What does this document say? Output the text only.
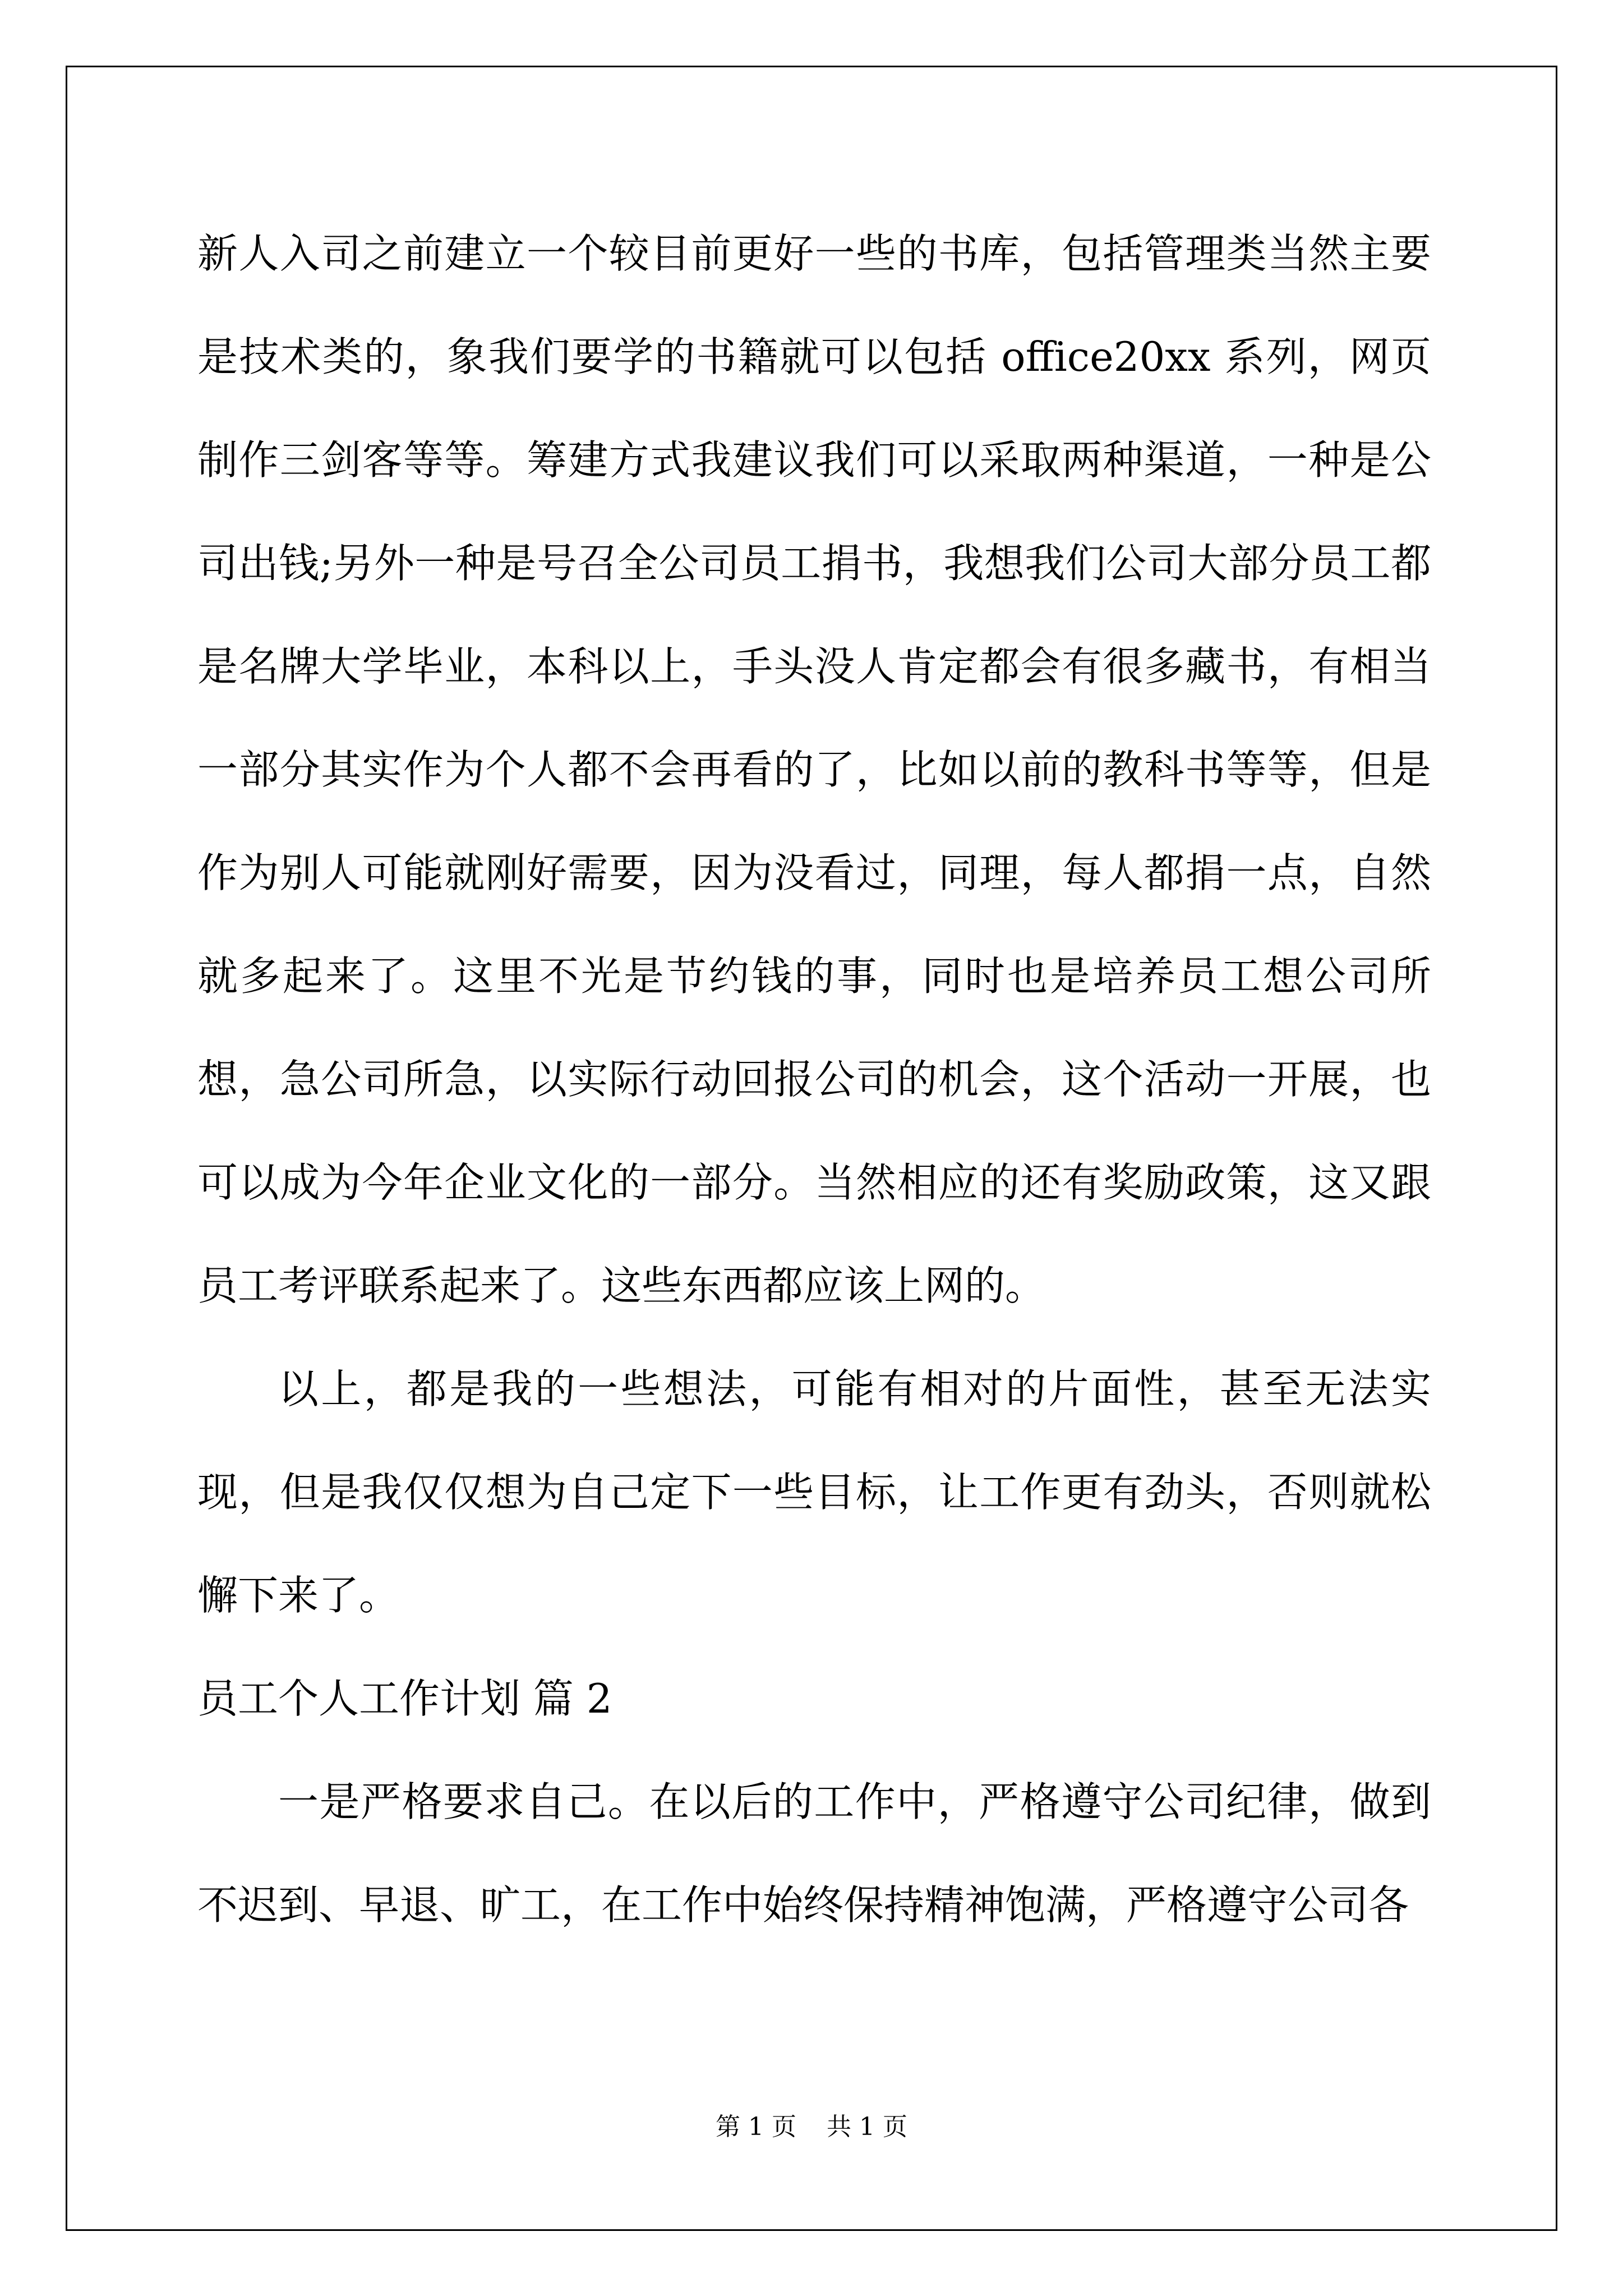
新人入司之前建立一个较目前更好一些的书库，包括管理类当然主要是技术类的，象我们要学的书籍就可以包括 office20xx 系列，网页制作三剑客等等。筹建方式我建议我们可以采取两种渠道，一种是公司出钱;另外一种是号召全公司员工捐书，我想我们公司大部分员工都是名牌大学毕业，本科以上，手头没人肯定都会有很多藏书，有相当一部分其实作为个人都不会再看的了，比如以前的教科书等等，但是作为别人可能就刚好需要，因为没看过，同理，每人都捐一点，自然就多起来了。这里不光是节约钱的事，同时也是培养员工想公司所想，急公司所急，以实际行动回报公司的机会，这个活动一开展，也可以成为今年企业文化的一部分。当然相应的还有奖励政策，这又跟员工考评联系起来了。这些东西都应该上网的。

以上，都是我的一些想法，可能有相对的片面性，甚至无法实现，但是我仅仅想为自己定下一些目标，让工作更有劲头，否则就松懈下来了。

员工个人工作计划 篇 2

一是严格要求自己。在以后的工作中，严格遵守公司纪律，做到不迟到、早退、旷工，在工作中始终保持精神饱满，严格遵守公司各

第 1 页 共 1 页
